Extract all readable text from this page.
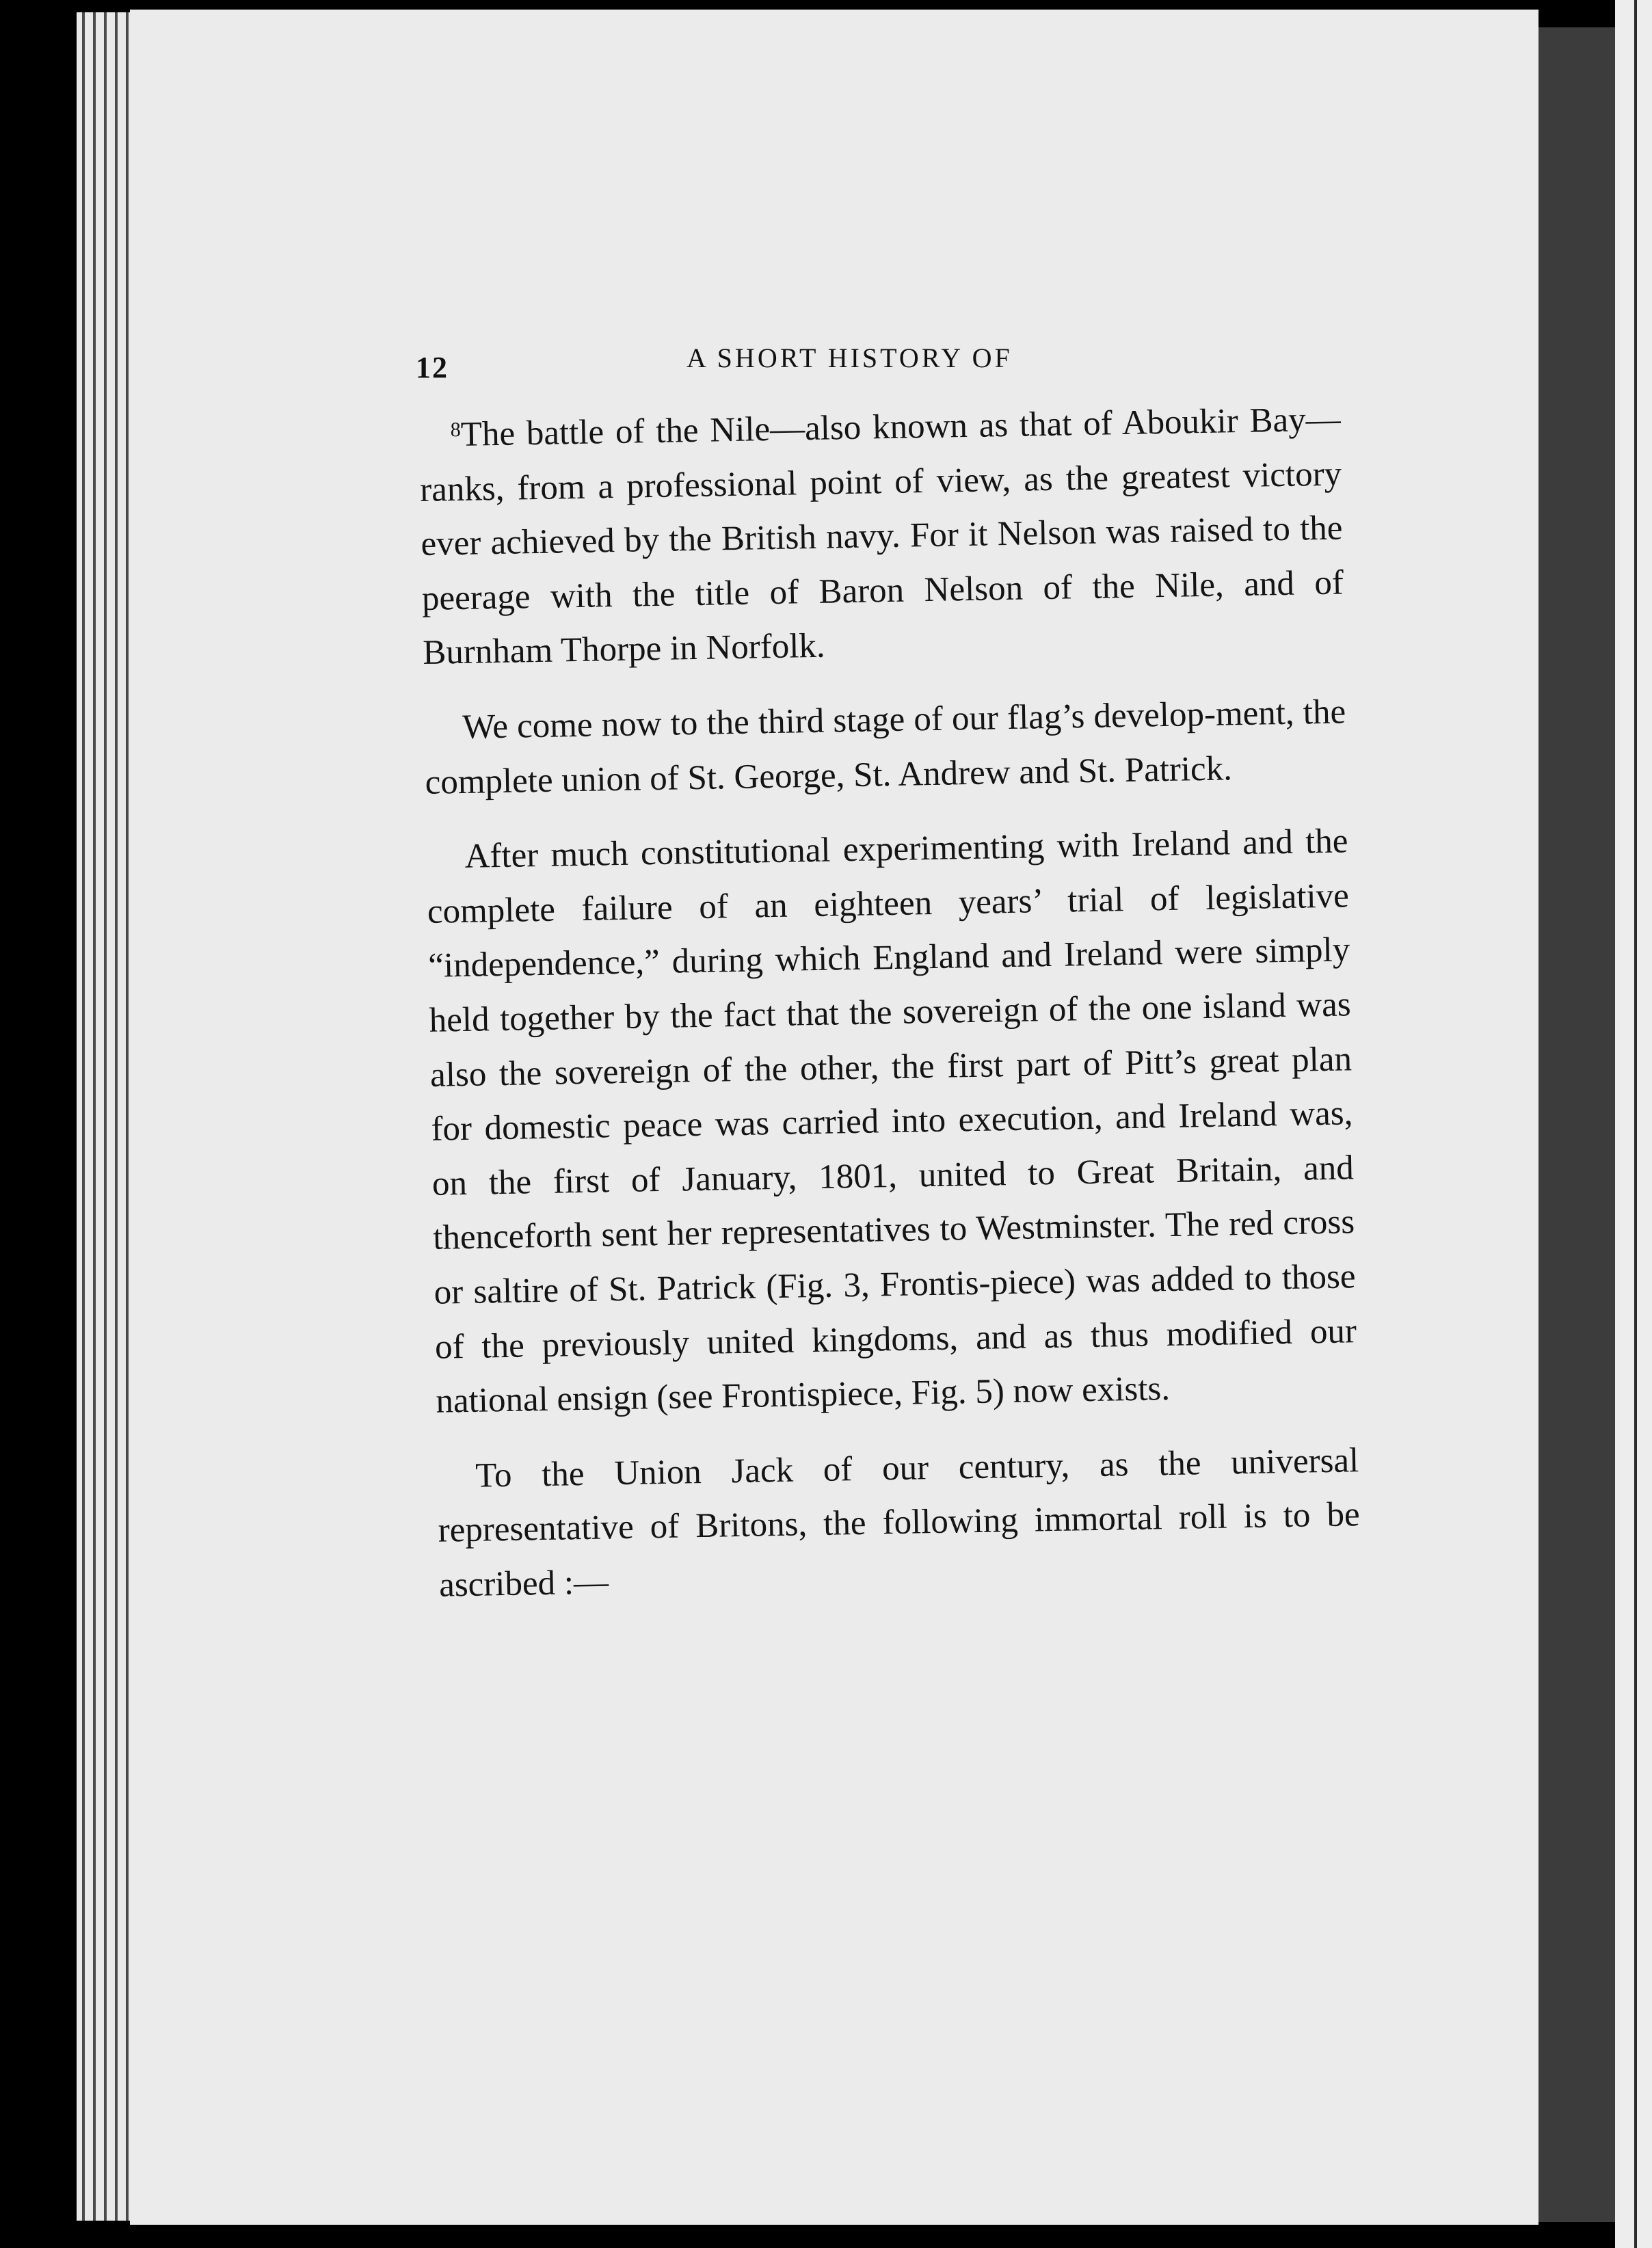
12	A SHORT HISTORY OF

$^8$The battle of the Nile—also known as that of Aboukir Bay—ranks, from a professional point of view, as the greatest victory ever achieved by the British navy. For it Nelson was raised to the peerage with the title of Baron Nelson of the Nile, and of Burnham Thorpe in Norfolk.

We come now to the third stage of our flag’s develop-ment, the complete union of St. George, St. Andrew and St. Patrick.

After much constitutional experimenting with Ireland and the complete failure of an eighteen years’ trial of legislative “independence,” during which England and Ireland were simply held together by the fact that the sovereign of the one island was also the sovereign of the other, the first part of Pitt’s great plan for domestic peace was carried into execution, and Ireland was, on the first of January, 1801, united to Great Britain, and thenceforth sent her representatives to Westminster. The red cross or saltire of St. Patrick (Fig. 3, Frontis-piece) was added to those of the previously united kingdoms, and as thus modified our national ensign (see Frontispiece, Fig. 5) now exists.

To the Union Jack of our century, as the universal representative of Britons, the following immortal roll is to be ascribed :—
